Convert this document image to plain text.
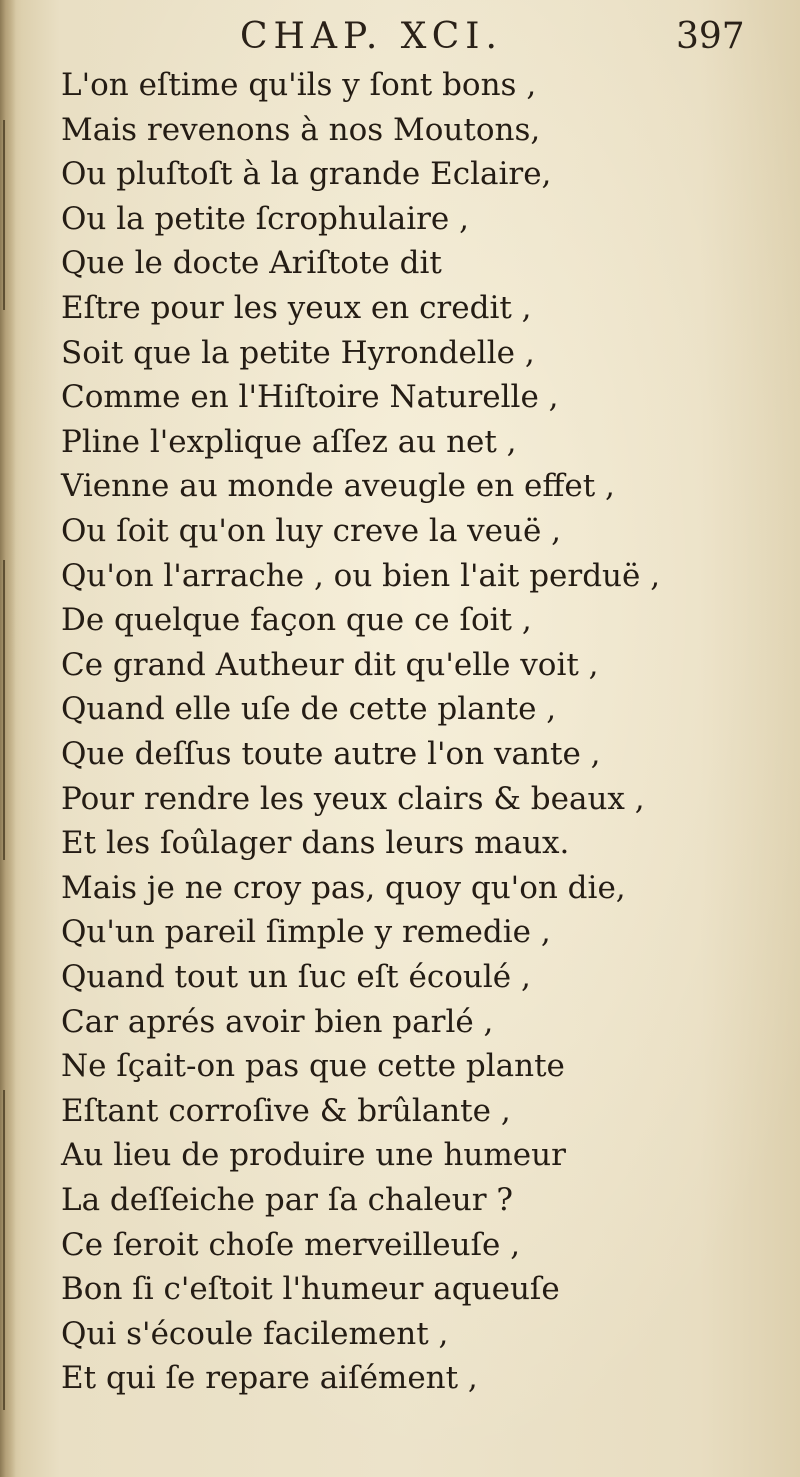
CHAP. XCI.	397
L'on eſtime qu'ils y ſont bons ,
Mais revenons à nos Moutons,
Ou pluſtoſt à la grande Eclaire,
Ou la petite ſcrophulaire ,
Que le docte Ariſtote dit
Eſtre pour les yeux en credit ,
Soit que la petite Hyrondelle ,
Comme en l'Hiſtoire Naturelle ,
Pline l'explique aſſez au net ,
Vienne au monde aveugle en effet ,
Ou ſoit qu'on luy creve la veuë ,
Qu'on l'arrache , ou bien l'ait perduë ,
De quelque façon que ce ſoit ,
Ce grand Autheur dit qu'elle voit ,
Quand elle uſe de cette plante ,
Que deſſus toute autre l'on vante ,
Pour rendre les yeux clairs & beaux ,
Et les ſoûlager dans leurs maux.
Mais je ne croy pas, quoy qu'on die,
Qu'un pareil ſimple y remedie ,
Quand tout un ſuc eſt écoulé ,
Car aprés avoir bien parlé ,
Ne ſçait-on pas que cette plante
Eſtant corroſive & brûlante ,
Au lieu de produire une humeur
La deſſeiche par ſa chaleur ?
Ce ſeroit choſe merveilleuſe ,
Bon ſi c'eſtoit l'humeur aqueuſe
Qui s'écoule facilement ,
Et qui ſe repare aiſément ,
